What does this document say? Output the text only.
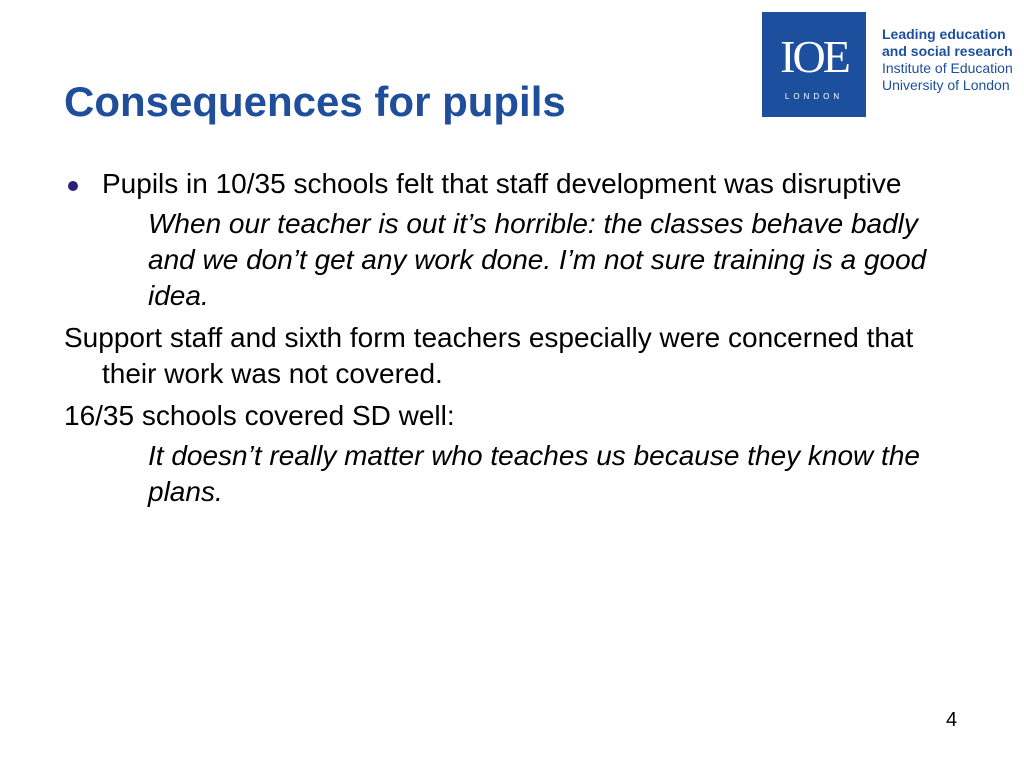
Consequences for pupils
IOE
LONDON
Leading education
and social research
Institute of Education
University of London
Pupils in 10/35 schools felt that staff development was disruptive

When our teacher is out it’s horrible: the classes behave badly and we don’t get any work done. I’m not sure training is a good idea.

Support staff and sixth form teachers especially were concerned that their work was not covered.

16/35 schools covered SD well:

It doesn’t really matter who teaches us because they know the plans.

4
